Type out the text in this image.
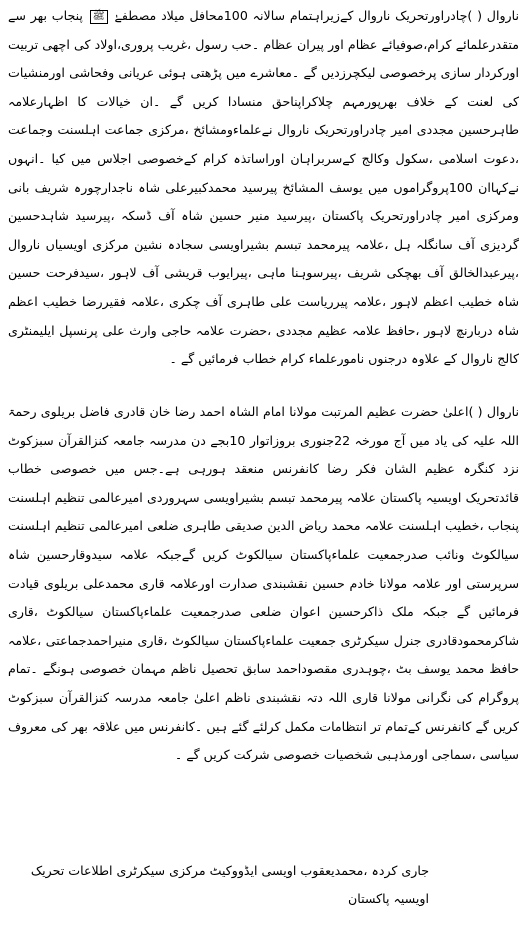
ناروال ( )چادراورتحریک ناروال کےزیراہتمام سالانہ 100محافل میلاد مصطفےٰ ﷺ پنجاب بھر سے متقدرعلمائے کرام،صوفیائے عظام اور پیران عظام ۔حب رسول ،غریب پروری،اولاد کی اچھی تربیت اورکردار سازی پرخصوصی لیکچرزدیں گے ۔معاشرے میں پڑھتی ہوئی عریانی وفحاشی اورمنشیات کی لعنت کے خلاف بھرپورمہم چلاکراپناحق منسادا کریں گے ۔ان خیالات کا اظہارعلامہ طاہرحسین مجددی امیر چادراورتحریک ناروال نےعلماءومشائخ ،مرکزی جماعت اہلسنت وجماعت ،دعوت اسلامی ،سکول وکالج کےسربراہان اوراساتذہ کرام کےخصوصی اجلاس میں کیا ۔انہوں نےکہاان 100پروگراموں میں یوسف المشائخ پیرسید محمدکبیرعلی شاہ ناجدارچورہ شریف بانی ومرکزی امیر چادراورتحریک پاکستان ،پیرسید منیر حسین شاہ آف ڈسکہ ،پیرسید شاہدحسین گردیزی آف سانگلہ ہل ،علامہ پیرمحمد تبسم بشیراویسی سجادہ نشین مرکزی اویسیاں ناروال ،پیرعبدالخالق آف بھچکی شریف ،پیرسوہنا ماہی ،پیرایوب قریشی آف لاہور ،سیدفرحت حسین شاہ خطیب اعظم لاہور ،علامہ پیرریاست علی طاہری آف چکری ،علامہ فقیررضا خطیب اعظم شاہ دربارنچ لاہور ،حافظ علامہ عظیم مجددی ،حضرت علامہ حاجی وارث علی پرنسپل ایلیمنٹری کالج ناروال کے علاوہ درجنوں نامورعلماء کرام خطاب فرمائیں گے ۔

ناروال ( )اعلیٰ حضرت عظیم المرتبت مولانا امام الشاہ احمد رضا خان قادری فاضل بریلوی رحمۃ اللہ علیہ کی یاد میں آج مورخہ 22جنوری بروزاتوار 10بجے دن مدرسہ جامعہ کنزالقرآن سبزکوٹ نزد کنگرہ عظیم الشان فکر رضا کانفرنس منعقد ہورہی ہے۔جس میں خصوصی خطاب قائدتحریک اویسیہ پاکستان علامہ پیرمحمد تبسم بشیراویسی سہروردی امیرعالمی تنظیم اہلسنت پنجاب ،خطیب اہلسنت علامہ محمد ریاض الدین صدیقی طاہری ضلعی امیرعالمی تنظیم اہلسنت سیالکوٹ ونائب صدرجمعیت علماءپاکستان سیالکوٹ کریں گےجبکہ علامہ سیدوقارحسین شاہ سرپرستی اور علامہ مولانا خادم حسین نقشبندی صدارت اورعلامہ قاری محمدعلی بریلوی قیادت فرمائیں گے جبکہ ملک ذاکرحسین اعوان ضلعی صدرجمعیت علماءپاکستان سیالکوٹ ،قاری شاکرمحمودقادری جنرل سیکرٹری جمعیت علماءپاکستان سیالکوٹ ،قاری منیراحمدجماعتی ،علامہ حافظ محمد یوسف بٹ ،چوہدری مقصوداحمد سابق تحصیل ناظم مہمان خصوصی ہونگے ۔تمام پروگرام کی نگرانی مولانا قاری اللہ دتہ نقشبندی ناظم اعلیٰ جامعہ مدرسہ کنزالقرآن سبزکوٹ کریں گے کانفرنس کےتمام تر انتظامات مکمل کرلئے گئے ہیں ۔کانفرنس میں علاقہ بھر کی معروف سیاسی ،سماجی اورمذہبی شخصیات خصوصی شرکت کریں گے ۔

جاری کردہ ،محمدیعقوب اویسی ایڈووکیٹ مرکزی سیکرٹری اطلاعات تحریک اویسیہ پاکستان
